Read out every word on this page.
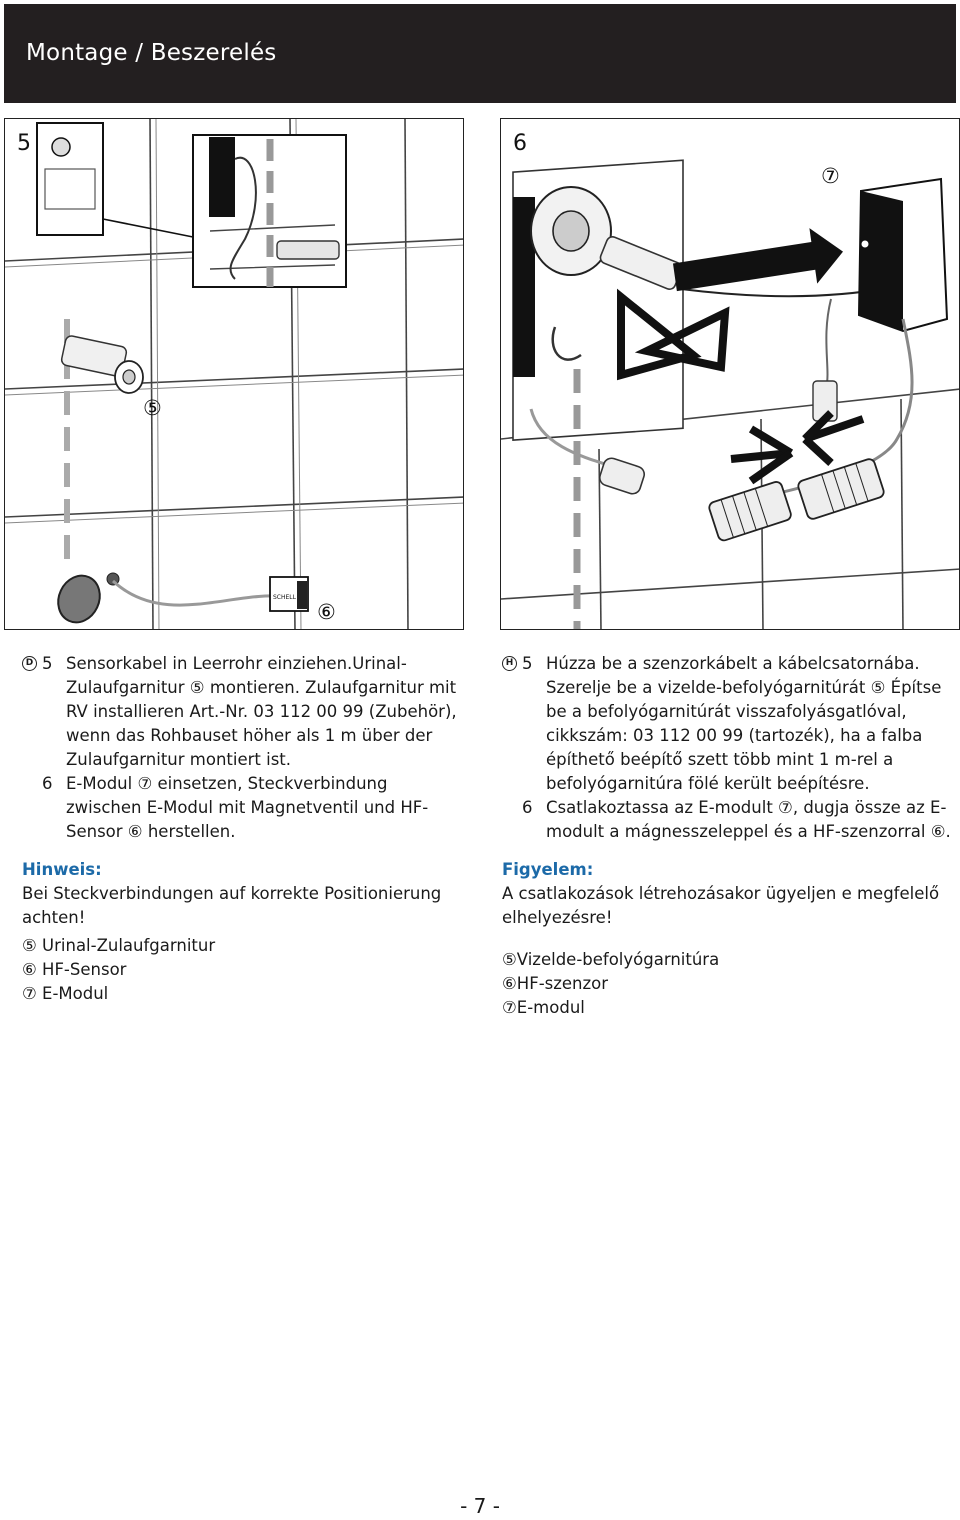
Montage / Beszerelés
SCHELL
⑤
⑥
5
⑦
6
D 5 Sensorkabel in Leerrohr einziehen.Urinal-Zulaufgarnitur ⑤ montieren. Zulaufgarnitur mit RV installieren Art.-Nr. 03 112 00 99 (Zubehör), wenn das Rohbauset höher als 1 m über der Zulaufgarnitur montiert ist.
6 E-Modul ⑦ einsetzen, Steckverbindung zwischen E-Modul mit Magnetventil und HF-Sensor ⑥ herstellen.
Hinweis:
Bei Steckverbindungen auf korrekte Positionierung achten!
⑤ Urinal-Zulaufgarnitur
⑥ HF-Sensor
⑦ E-Modul
H 5 Húzza be a szenzorkábelt a kábelcsatornába. Szerelje be a vizelde-befolyógarnitúrát ⑤ Építse be a befolyógarnitúrát visszafolyásgatlóval, cikkszám: 03 112 00 99 (tartozék), ha a falba építhető beépítő szett több mint 1 m-rel a befolyógarnitúra fölé került beépítésre.
6 Csatlakoztassa az E-modult ⑦, dugja össze az E-modult a mágnesszeleppel és a HF-szenzorral ⑥.
Figyelem:
A csatlakozások létrehozásakor ügyeljen e megfelelő elhelyezésre!
⑤Vizelde-befolyógarnitúra
⑥HF-szenzor
⑦E-modul
- 7 -
